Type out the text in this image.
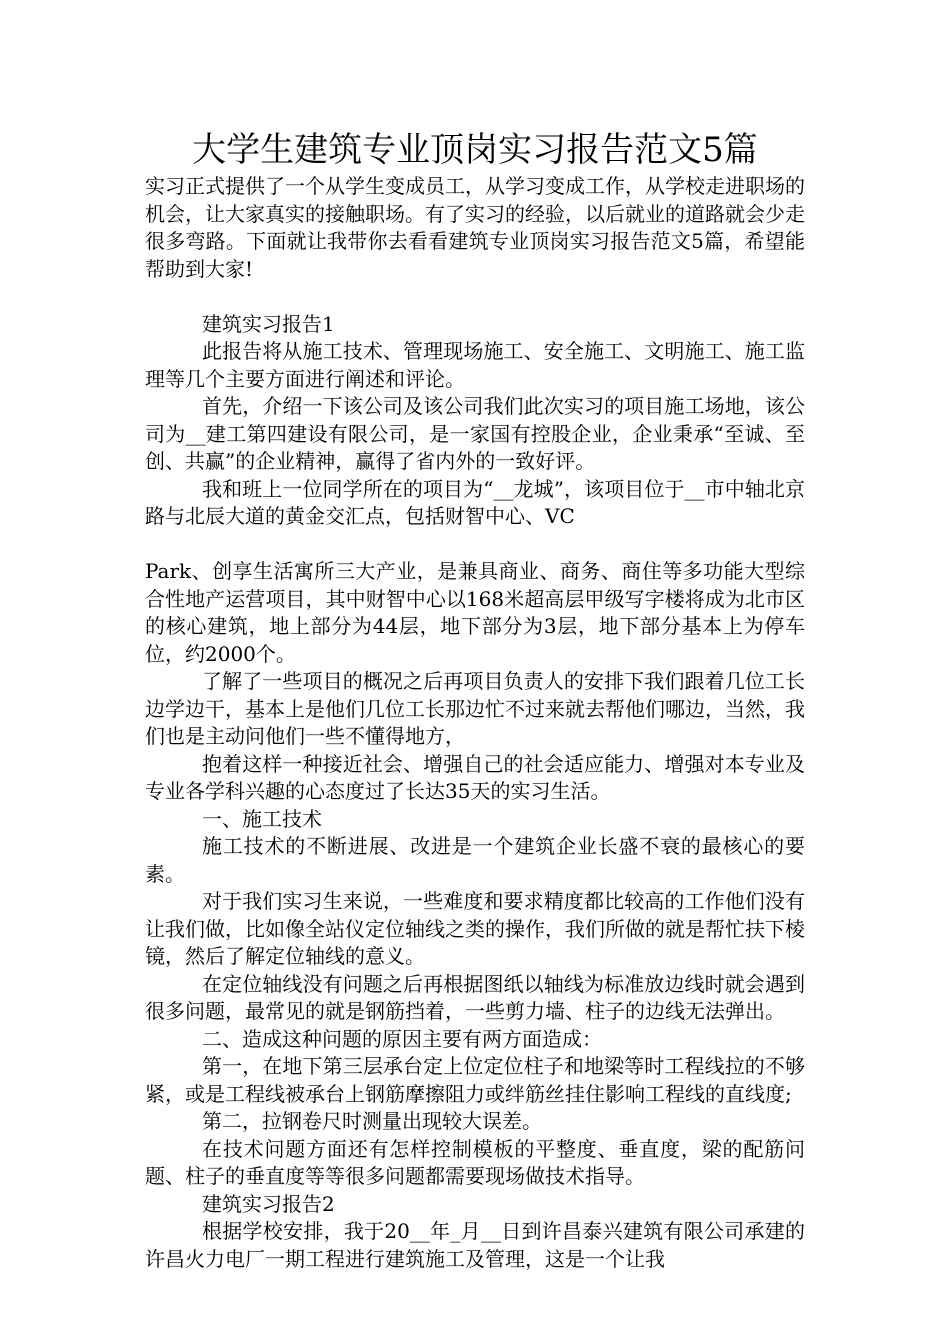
大学生建筑专业顶岗实习报告范文5篇

实习正式提供了一个从学生变成员工，从学习变成工作，从学校走进职场的机会，让大家真实的接触职场。有了实习的经验，以后就业的道路就会少走很多弯路。下面就让我带你去看看建筑专业顶岗实习报告范文5篇，希望能帮助到大家!

建筑实习报告1

此报告将从施工技术、管理现场施工、安全施工、文明施工、施工监理等几个主要方面进行阐述和评论。

首先，介绍一下该公司及该公司我们此次实习的项目施工场地，该公司为__建工第四建设有限公司，是一家国有控股企业，企业秉承“至诚、至创、共赢”的企业精神，赢得了省内外的一致好评。

我和班上一位同学所在的项目为“__龙城”，该项目位于__市中轴北京路与北辰大道的黄金交汇点，包括财智中心、VC

Park、创享生活寓所三大产业，是兼具商业、商务、商住等多功能大型综合性地产运营项目，其中财智中心以168米超高层甲级写字楼将成为北市区的核心建筑，地上部分为44层，地下部分为3层，地下部分基本上为停车位，约2000个。

了解了一些项目的概况之后再项目负责人的安排下我们跟着几位工长边学边干，基本上是他们几位工长那边忙不过来就去帮他们哪边，当然，我们也是主动问他们一些不懂得地方，

抱着这样一种接近社会、增强自己的社会适应能力、增强对本专业及专业各学科兴趣的心态度过了长达35天的实习生活。

一、施工技术

施工技术的不断进展、改进是一个建筑企业长盛不衰的最核心的要素。

对于我们实习生来说，一些难度和要求精度都比较高的工作他们没有让我们做，比如像全站仪定位轴线之类的操作，我们所做的就是帮忙扶下棱镜，然后了解定位轴线的意义。

在定位轴线没有问题之后再根据图纸以轴线为标准放边线时就会遇到很多问题，最常见的就是钢筋挡着，一些剪力墙、柱子的边线无法弹出。

二、造成这种问题的原因主要有两方面造成：

第一，在地下第三层承台定上位定位柱子和地梁等时工程线拉的不够紧，或是工程线被承台上钢筋摩擦阻力或绊筋丝挂住影响工程线的直线度;

第二，拉钢卷尺时测量出现较大误差。

在技术问题方面还有怎样控制模板的平整度、垂直度，梁的配筋问题、柱子的垂直度等等很多问题都需要现场做技术指导。

建筑实习报告2

根据学校安排，我于20__年_月__日到许昌泰兴建筑有限公司承建的许昌火力电厂一期工程进行建筑施工及管理，这是一个让我
